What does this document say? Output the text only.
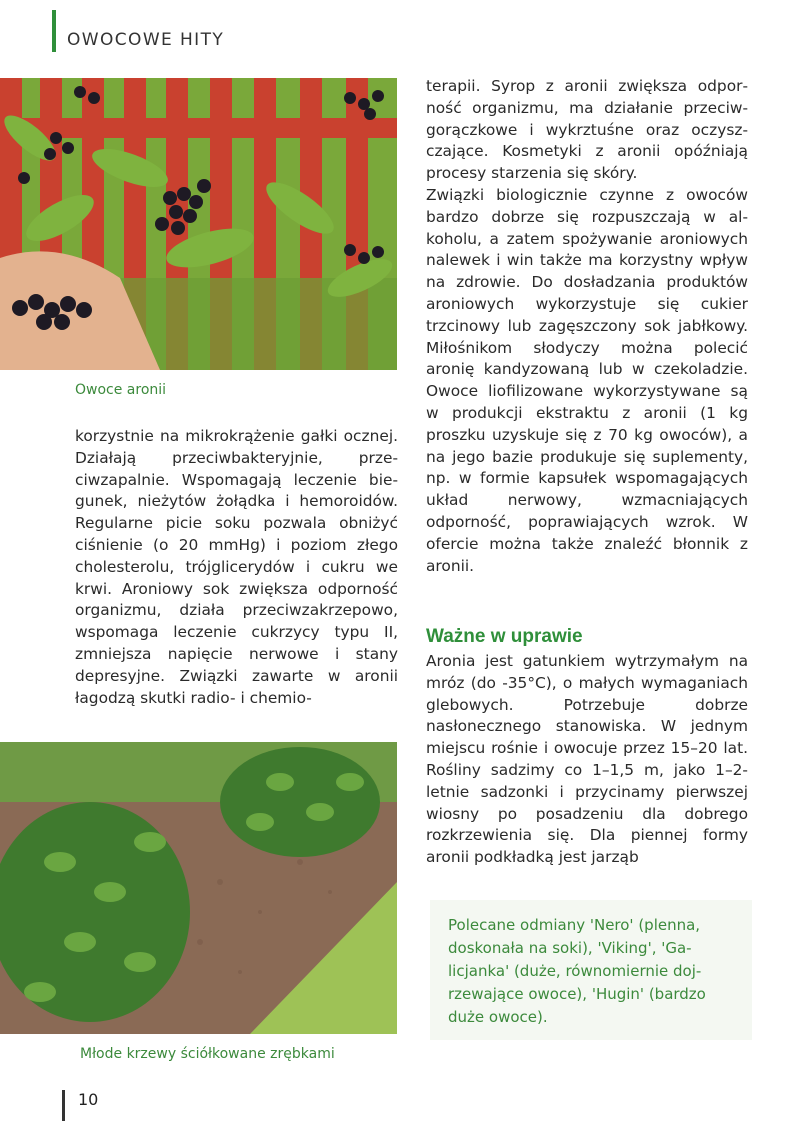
OWOCOWE HITY
Owoce aronii

korzystnie na mikrokrążenie gałki ocznej. Działają przeciwbakteryjnie, przeciwzapalnie. Wspomagają leczenie biegunek, nieżytów żołądka i hemoroidów. Regularne picie soku pozwala obniżyć ciśnienie (o 20 mmHg) i poziom złego cholesterolu, trójglicerydów i cukru we krwi. Aroniowy sok zwiększa odporność organizmu, działa przeciwzakrzepowo, wspomaga leczenie cukrzycy typu II, zmniejsza napięcie nerwowe i stany depresyjne. Związki zawarte w aronii łagodzą skutki radio- i chemio-

Młode krzewy ściółkowane zrębkami

terapii. Syrop z aronii zwiększa odporność organizmu, ma działanie przeciwgorączkowe i wykrztuśne oraz oczyszczające. Kosmetyki z aronii opóźniają procesy starzenia się skóry.

Związki biologicznie czynne z owoców bardzo dobrze się rozpuszczają w alkoholu, a zatem spożywanie aroniowych nalewek i win także ma korzystny wpływ na zdrowie. Do dosładzania produktów aroniowych wykorzystuje się cukier trzcinowy lub zagęszczony sok jabłkowy. Miłośnikom słodyczy można polecić aronię kandyzowaną lub w czekoladzie. Owoce liofilizowane wykorzystywane są w produkcji ekstraktu z aronii (1 kg proszku uzyskuje się z 70 kg owoców), a na jego bazie produkuje się suplementy, np. w formie kapsułek wspomagających układ nerwowy, wzmacniających odporność, poprawiających wzrok. W ofercie można także znaleźć błonnik z aronii.

Ważne w uprawie

Aronia jest gatunkiem wytrzymałym na mróz (do -35°C), o małych wymaganiach glebowych. Potrzebuje dobrze nasłonecznego stanowiska. W jednym miejscu rośnie i owocuje przez 15–20 lat. Rośliny sadzimy co 1–1,5 m, jako 1–2-letnie sadzonki i przycinamy pierwszej wiosny po posadzeniu dla dobrego rozkrzewienia się. Dla piennej formy aronii podkładką jest jarząb

Polecane odmiany 'Nero' (plenna, doskonała na soki), 'Viking', 'Galicjanka' (duże, równomiernie dojrzewające owoce), 'Hugin' (bardzo duże owoce).
10
